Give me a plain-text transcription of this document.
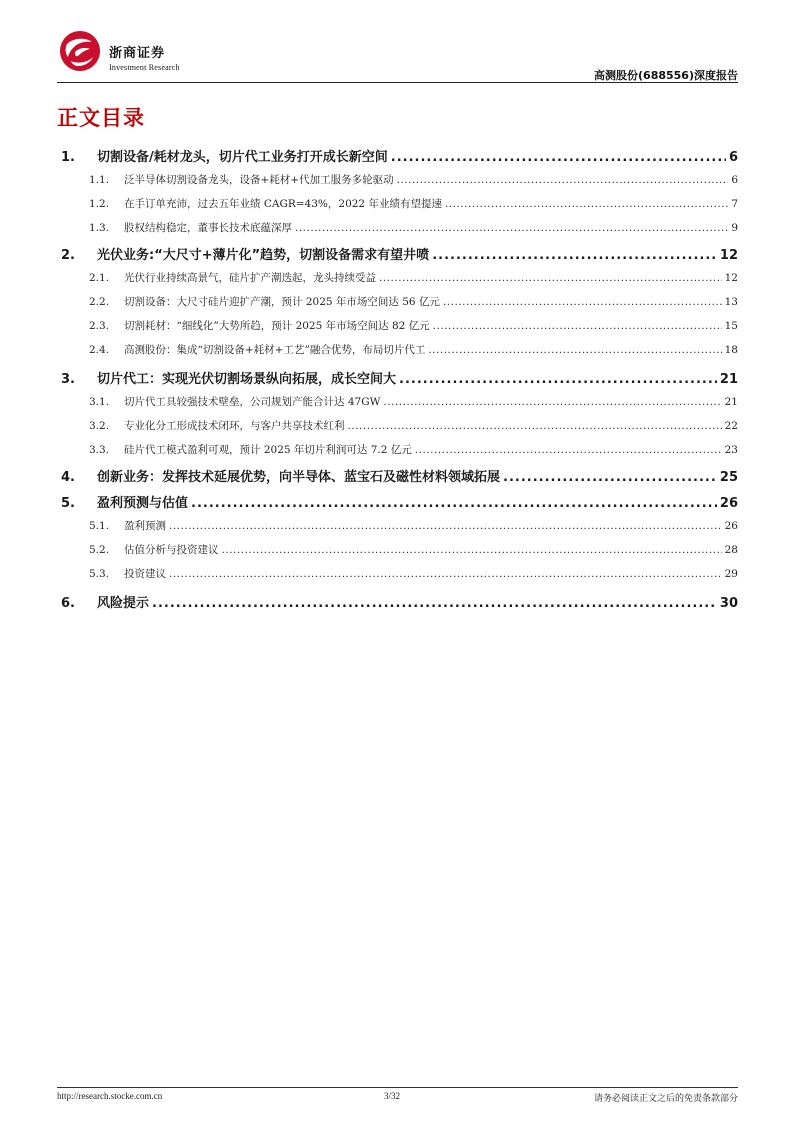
浙商证券
Investment Research
高测股份(688556)深度报告
正文目录
1.	切割设备/耗材龙头，切片代工业务打开成长新空间 .....	6
1.1.	泛半导体切割设备龙头，设备+耗材+代加工服务多轮驱动 .....	6
1.2.	在手订单充沛，过去五年业绩 CAGR=43%，2022 年业绩有望提速 .....	7
1.3.	股权结构稳定，董事长技术底蕴深厚 .....	9
2.	光伏业务:“大尺寸+薄片化”趋势，切割设备需求有望井喷 .....	12
2.1.	光伏行业持续高景气，硅片扩产潮迭起，龙头持续受益 .....	12
2.2.	切割设备：大尺寸硅片迎扩产潮，预计 2025 年市场空间达 56 亿元 .....	13
2.3.	切割耗材：“细线化”大势所趋，预计 2025 年市场空间达 82 亿元 .....	15
2.4.	高测股份：集成“切割设备+耗材+工艺”融合优势，布局切片代工 .....	18
3.	切片代工：实现光伏切割场景纵向拓展，成长空间大 .....	21
3.1.	切片代工具较强技术壁垒，公司规划产能合计达 47GW .....	21
3.2.	专业化分工形成技术闭环，与客户共享技术红利 .....	22
3.3.	硅片代工模式盈利可观，预计 2025 年切片利润可达 7.2 亿元 .....	23
4.	创新业务：发挥技术延展优势，向半导体、蓝宝石及磁性材料领域拓展 .....	25
5.	盈利预测与估值 .....	26
5.1.	盈利预测 .....	26
5.2.	估值分析与投资建议 .....	28
5.3.	投资建议 .....	29
6.	风险提示 .....	30
http://research.stocke.com.cn	3/32	请务必阅读正文之后的免责条款部分
